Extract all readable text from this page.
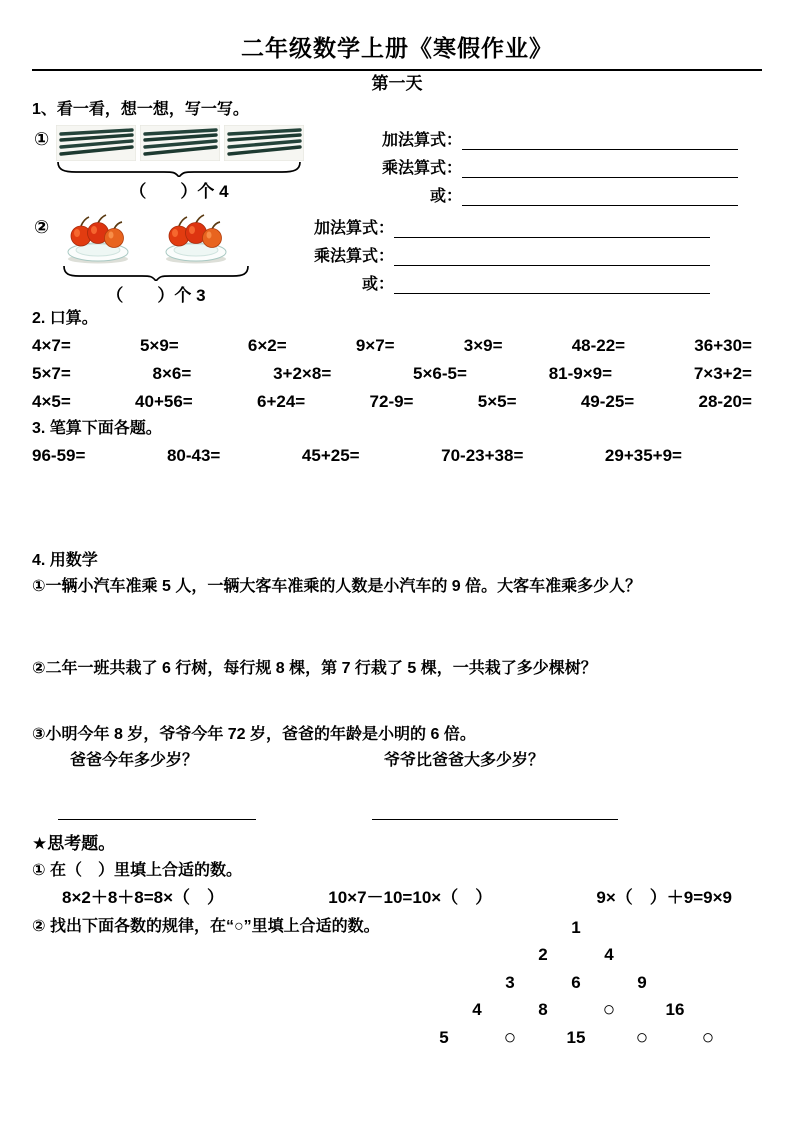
二年级数学上册《寒假作业》
第一天
1、看一看，想一想，写一写。
①
（　　）个 4
加法算式：
乘法算式：
或：
②
（　　）个 3
加法算式：
乘法算式：
或：
2. 口算。
4×7=	5×9=	6×2=	9×7=	3×9=	48-22=	36+30=
5×7=	8×6=	3+2×8=	5×6-5=	81-9×9=	7×3+2=
4×5=	40+56=	6+24=	72-9=	5×5=	49-25=	28-20=
3. 笔算下面各题。
96-59=	80-43=	45+25=	70-23+38=	29+35+9=
4. 用数学
①一辆小汽车准乘 5 人，一辆大客车准乘的人数是小汽车的 9 倍。大客车准乘多少人？
②二年一班共栽了 6 行树，每行规 8 棵，第 7 行栽了 5 棵，一共栽了多少棵树？
③小明今年 8 岁，爷爷今年 72 岁，爸爸的年龄是小明的 6 倍。
爸爸今年多少岁？	爷爷比爸爸大多少岁？
★思考题。
① 在（　）里填上合适的数。
8×2＋8＋8=8×（　）	10×7－10=10×（　）	9×（　）＋9=9×9
② 找出下面各数的规律，在“○”里填上合适的数。	1
2	4
3	6	9
4	8	○	16
5	○	15	○	○
